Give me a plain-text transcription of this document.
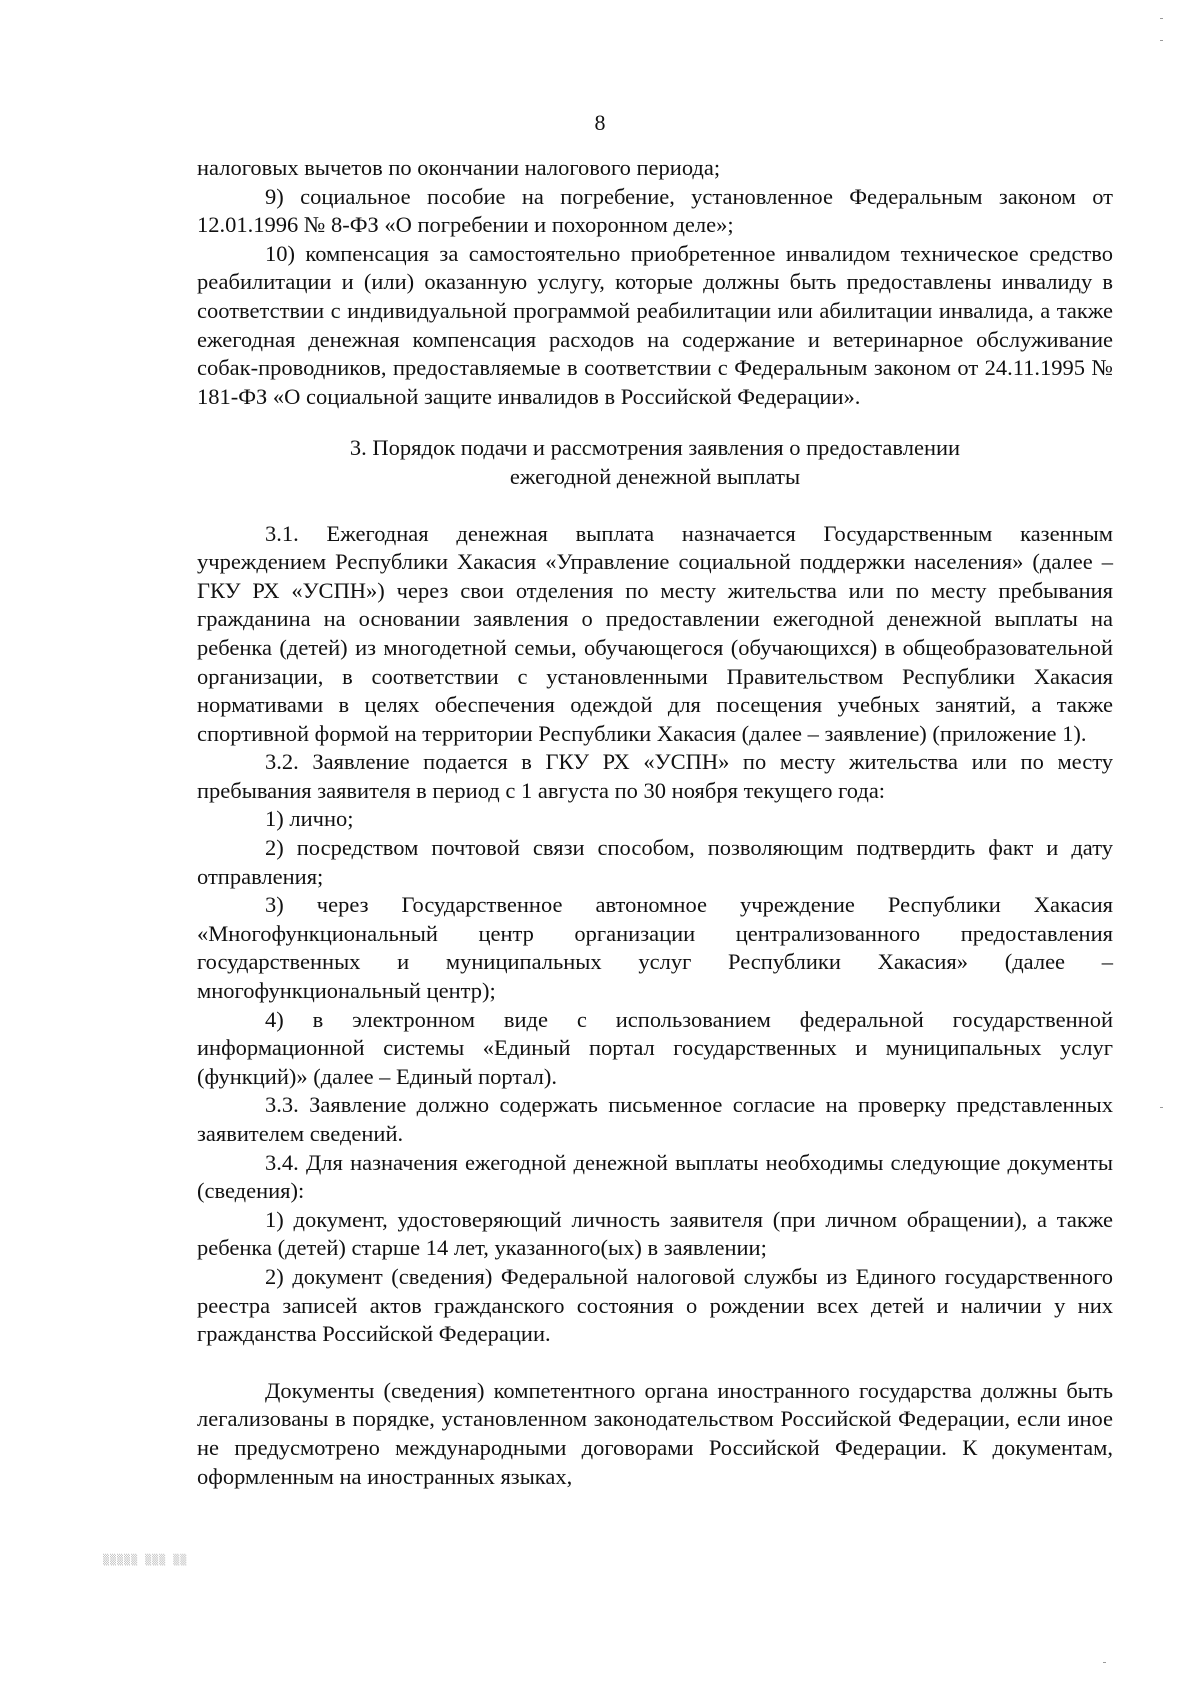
8

налоговых вычетов по окончании налогового периода;

9) социальное пособие на погребение, установленное Федеральным законом от 12.01.1996 № 8-ФЗ «О погребении и похоронном деле»;

10) компенсация за самостоятельно приобретенное инвалидом техническое средство реабилитации и (или) оказанную услугу, которые должны быть предоставлены инвалиду в соответствии с индивидуальной программой реабилитации или абилитации инвалида, а также ежегодная денежная компенсация расходов на содержание и ветеринарное обслуживание собак-проводников, предоставляемые в соответствии с Федеральным законом от 24.11.1995 № 181-ФЗ «О социальной защите инвалидов в Российской Федерации».

3. Порядок подачи и рассмотрения заявления о предоставлении
ежегодной денежной выплаты

3.1. Ежегодная денежная выплата назначается Государственным казенным учреждением Республики Хакасия «Управление социальной поддержки населения» (далее – ГКУ РХ «УСПН») через свои отделения по месту жительства или по месту пребывания гражданина на основании заявления о предоставлении ежегодной денежной выплаты на ребенка (детей) из многодетной семьи, обучающегося (обучающихся) в общеобразовательной организации, в соответствии с установленными Правительством Республики Хакасия нормативами в целях обеспечения одеждой для посещения учебных занятий, а также спортивной формой на территории Республики Хакасия (далее – заявление) (приложение 1).

3.2. Заявление подается в ГКУ РХ «УСПН» по месту жительства или по месту пребывания заявителя в период с 1 августа по 30 ноября текущего года:

1) лично;

2) посредством почтовой связи способом, позволяющим подтвердить факт и дату отправления;

3) через Государственное автономное учреждение Республики Хакасия «Многофункциональный центр организации централизованного предоставления государственных и муниципальных услуг Республики Хакасия» (далее – многофункциональный центр);

4) в электронном виде с использованием федеральной государственной информационной системы «Единый портал государственных и муниципальных услуг (функций)» (далее – Единый портал).

3.3. Заявление должно содержать письменное согласие на проверку представленных заявителем сведений.

3.4. Для назначения ежегодной денежной выплаты необходимы следующие документы (сведения):

1) документ, удостоверяющий личность заявителя (при личном обращении), а также ребенка (детей) старше 14 лет, указанного(ых) в заявлении;

2) документ (сведения) Федеральной налоговой службы из Единого государственного реестра записей актов гражданского состояния о рождении всех детей и наличии у них гражданства Российской Федерации.

Документы (сведения) компетентного органа иностранного государства должны быть легализованы в порядке, установленном законодательством Российской Федерации, если иное не предусмотрено международными договорами Российской Федерации. К документам, оформленным на иностранных языках,

▒▒▒▒▒ ▒▒▒ ▒▒
